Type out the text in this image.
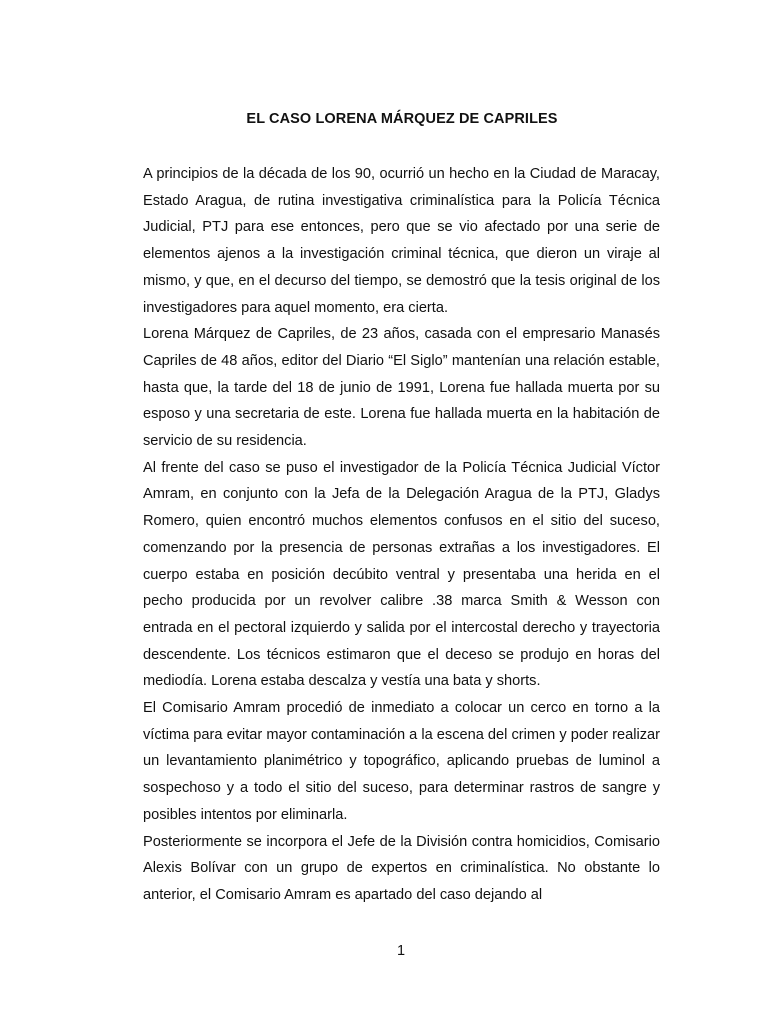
EL CASO LORENA MÁRQUEZ DE CAPRILES

A principios de la década de los 90, ocurrió un hecho en la Ciudad de Maracay, Estado Aragua, de rutina investigativa criminalística para la Policía Técnica Judicial, PTJ para ese entonces, pero que se vio afectado por una serie de elementos ajenos a la investigación criminal técnica, que dieron un viraje al mismo, y que, en el decurso del tiempo, se demostró que la tesis original de los investigadores para aquel momento, era cierta.

Lorena Márquez de Capriles, de 23 años, casada con el empresario Manasés Capriles de 48 años, editor del Diario “El Siglo” mantenían una relación estable, hasta que, la tarde del 18 de junio de 1991, Lorena fue hallada muerta por su esposo y una secretaria de este. Lorena fue hallada muerta en la habitación de servicio de su residencia.

Al frente del caso se puso el investigador de la Policía Técnica Judicial Víctor Amram, en conjunto con la Jefa de la Delegación Aragua de la PTJ, Gladys Romero, quien encontró muchos elementos confusos en el sitio del suceso, comenzando por la presencia de personas extrañas a los investigadores. El cuerpo estaba en posición decúbito ventral y presentaba una herida en el pecho producida por un revolver calibre .38 marca Smith & Wesson con entrada en el pectoral izquierdo y salida por el intercostal derecho y trayectoria descendente. Los técnicos estimaron que el deceso se produjo en horas del mediodía. Lorena estaba descalza y vestía una bata y shorts.

El Comisario Amram procedió de inmediato a colocar un cerco en torno a la víctima para evitar mayor contaminación a la escena del crimen y poder realizar un levantamiento planimétrico y topográfico, aplicando pruebas de luminol a sospechoso y a todo el sitio del suceso, para determinar rastros de sangre y posibles intentos por eliminarla.

Posteriormente se incorpora el Jefe de la División contra homicidios, Comisario Alexis Bolívar con un grupo de expertos en criminalística. No obstante lo anterior, el Comisario Amram es apartado del caso dejando al

1
